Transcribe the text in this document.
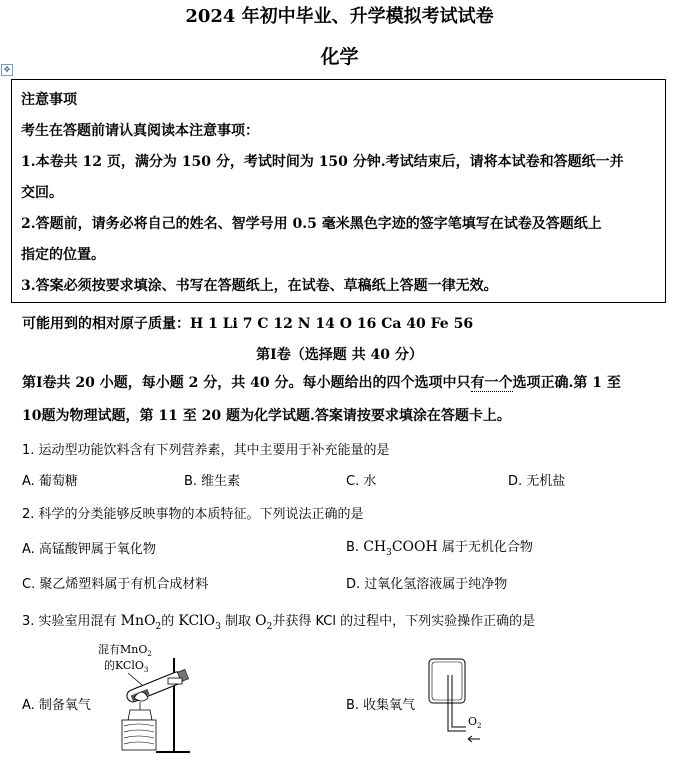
2024 年初中毕业、升学模拟考试试卷
化学
✥
注意事项
考生在答题前请认真阅读本注意事项：
1.本卷共 12 页，满分为 150 分，考试时间为 150 分钟.考试结束后，请将本试卷和答题纸一并
交回。
2.答题前，请务必将自己的姓名、智学号用 0.5 毫米黑色字迹的签字笔填写在试卷及答题纸上
指定的位置。
3.答案必须按要求填涂、书写在答题纸上，在试卷、草稿纸上答题一律无效。
可能用到的相对原子质量：H 1 Li 7 C 12 N 14 O 16 Ca 40 Fe 56
第Ⅰ卷（选择题 共 40 分）
第Ⅰ卷共 20 小题，每小题 2 分，共 40 分。每小题给出的四个选项中只有一个选项正确.第 1 至
10题为物理试题，第 11 至 20 题为化学试题.答案请按要求填涂在答题卡上。
1. 运动型功能饮料含有下列营养素，其中主要用于补充能量的是
A. 葡萄糖	B. 维生素	C. 水	D. 无机盐
2. 科学的分类能够反映事物的本质特征。下列说法正确的是
A. 高锰酸钾属于氧化物	B. $CH_3COOH$ 属于无机化合物
C. 聚乙烯塑料属于有机合成材料	D. 过氧化氢溶液属于纯净物
3. 实验室用混有 MnO$_2$的 KClO$_3$ 制取 $O_2$并获得 KCl 的过程中，下列实验操作正确的是
A. 制备氧气	B. 收集氧气
混有MnO$_2$
的KClO$_3$
$O_2$
